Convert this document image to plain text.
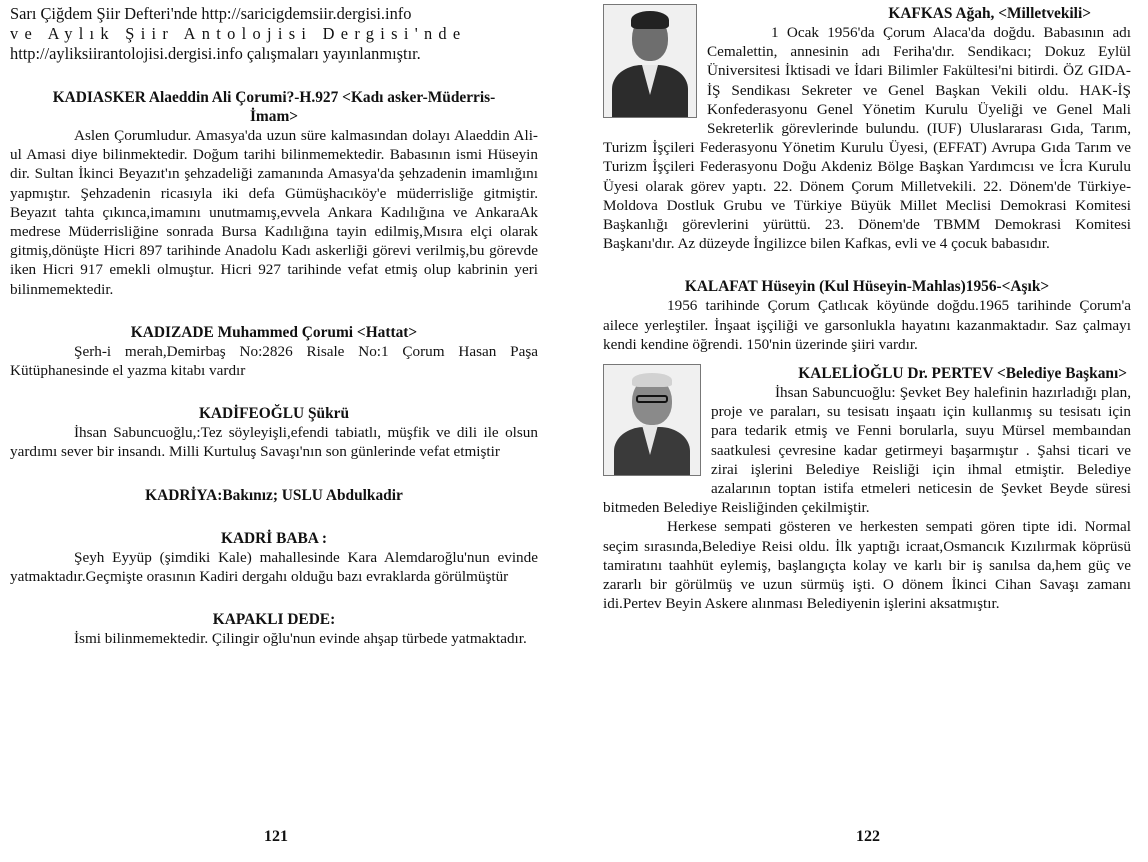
Sarı Çiğdem Şiir Defteri'nde http://saricigdemsiir.dergisi.info
ve Aylık Şiir Antolojisi Dergisi'nde
http://ayliksiirantolojisi.dergisi.info çalışmaları yayınlanmıştır.

KADIASKER Alaeddin Ali Çorumi?-H.927 <Kadı asker-Müderris-İmam>

Aslen Çorumludur. Amasya'da uzun süre kalmasından dolayı Alaeddin Ali-ul Amasi diye bilinmektedir. Doğum tarihi bilinmemektedir. Babasının ismi Hüseyin dir. Sultan İkinci Beyazıt'ın şehzadeliği zamanında Amasya'da şehzadenin imamlığını yapmıştır. Şehzadenin ricasıyla iki defa Gümüşhacıköy'e müderrisliğe gitmiştir. Beyazıt tahta çıkınca,imamını unutmamış,evvela Ankara Kadılığına ve AnkaraAk medrese Müderrisliğine sonrada Bursa Kadılığına tayin edilmiş,Mısıra elçi olarak gitmiş,dönüşte Hicri 897 tarihinde Anadolu Kadı askerliği görevi verilmiş,bu görevde iken Hicri 917 emekli olmuştur. Hicri 927 tarihinde vefat etmiş olup kabrinin yeri bilinmemektedir.

KADIZADE Muhammed Çorumi <Hattat>

Şerh-i merah,Demirbaş No:2826 Risale No:1 Çorum Hasan Paşa Kütüphanesinde el yazma kitabı vardır

KADİFEOĞLU Şükrü

İhsan Sabuncuoğlu,:Tez söyleyişli,efendi tabiatlı, müşfik ve dili ile olsun yardımı sever bir insandı. Milli Kurtuluş Savaşı'nın son günlerinde vefat etmiştir

KADRİYA:Bakınız; USLU Abdulkadir
KADRİ BABA :

Şeyh Eyyüp (şimdiki Kale) mahallesinde Kara Alemdaroğlu'nun evinde yatmaktadır.Geçmişte orasının Kadiri dergahı olduğu bazı evraklarda görülmüştür

KAPAKLI DEDE:

İsmi bilinmemektedir. Çilingir oğlu'nun evinde ahşap türbede yatmaktadır.

121
KAFKAS Ağah, <Milletvekili>

1 Ocak 1956'da Çorum Alaca'da doğdu. Babasının adı Cemalettin, annesinin adı Feriha'dır. Sendikacı; Dokuz Eylül Üniversitesi İktisadi ve İdari Bilimler Fakültesi'ni bitirdi. ÖZ GIDA-İŞ Sendikası Sekreter ve Genel Başkan Vekili oldu. HAK-İŞ Konfederasyonu Genel Yönetim Kurulu Üyeliği ve Genel Mali Sekreterlik görevlerinde bulundu. (IUF) Uluslararası Gıda, Tarım, Turizm İşçileri Federasyonu Yönetim Kurulu Üyesi, (EFFAT) Avrupa Gıda Tarım ve Turizm İşçileri Federasyonu Doğu Akdeniz Bölge Başkan Yardımcısı ve İcra Kurulu Üyesi olarak görev yaptı. 22. Dönem Çorum Milletvekili. 22. Dönem'de Türkiye-Moldova Dostluk Grubu ve Türkiye Büyük Millet Meclisi Demokrasi Komitesi Başkanlığı görevlerini yürüttü. 23. Dönem'de TBMM Demokrasi Komitesi Başkanı'dır. Az düzeyde İngilizce bilen Kafkas, evli ve 4 çocuk babasıdır.

KALAFAT Hüseyin (Kul Hüseyin-Mahlas)1956-<Aşık>

1956 tarihinde Çorum Çatlıcak köyünde doğdu.1965 tarihinde Çorum'a ailece yerleştiler. İnşaat işçiliği ve garsonlukla hayatını kazanmaktadır. Saz çalmayı kendi kendine öğrendi. 150'nin üzerinde şiiri vardır.

KALELİOĞLU Dr. PERTEV <Belediye Başkanı>

İhsan Sabuncuoğlu: Şevket Bey halefinin hazırladığı plan, proje ve paraları, su tesisatı inşaatı için kullanmış su tesisatı için para tedarik etmiş ve Fenni borularla, suyu Mürsel membaından saatkulesi çevresine kadar getirmeyi başarmıştır . Şahsi ticari ve zirai işlerini Belediye Reisliği için ihmal etmiştir. Belediye azalarının toptan istifa etmeleri neticesin de Şevket Beyde süresi bitmeden Belediye Reisliğinden çekilmiştir.

Herkese sempati gösteren ve herkesten sempati gören tipte idi. Normal seçim sırasında,Belediye Reisi oldu. İlk yaptığı icraat,Osmancık Kızılırmak köprüsü tamiratını taahhüt eylemiş, başlangıçta kolay ve karlı bir iş sanılsa da,hem güç ve zararlı bir görülmüş ve uzun sürmüş işti. O dönem İkinci Cihan Savaşı zamanı idi.Pertev Beyin Askere alınması Belediyenin işlerini aksatmıştır.

122
